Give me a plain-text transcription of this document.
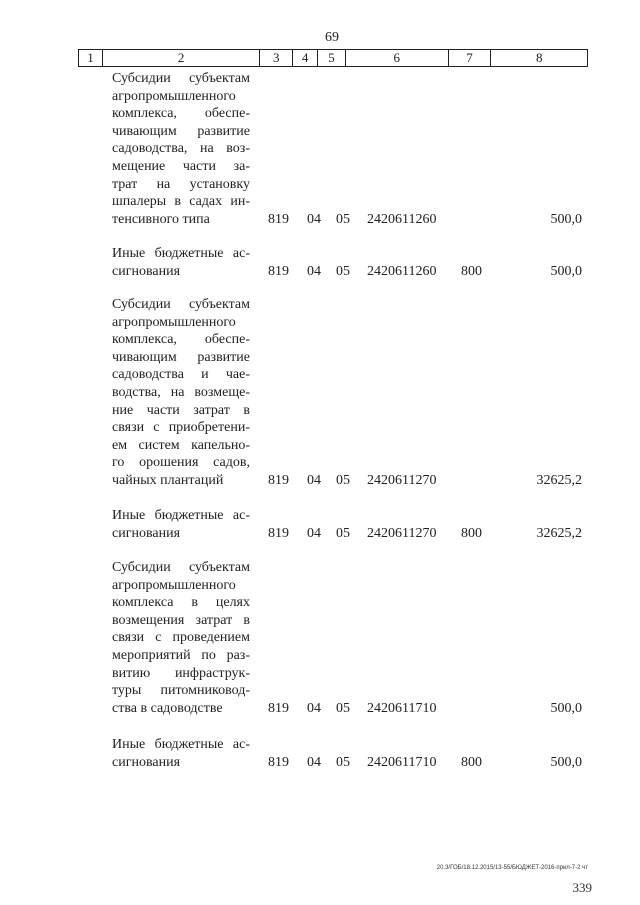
69
1	2	3	4	5	6	7	8
Субсидии субъектам
агропромышленного
комплекса, обеспе-
чивающим развитие
садоводства, на воз-
мещение части за-
трат на установку
шпалеры в садах ин-
тенсивного типа	819 04 05 2420611260	500,0
Иные бюджетные ас-
сигнования	819 04 05 2420611260 800	500,0
Субсидии субъектам
агропромышленного
комплекса, обеспе-
чивающим развитие
садоводства и чае-
водства, на возмеще-
ние части затрат в
связи с приобретени-
ем систем капельно-
го орошения садов,
чайных плантаций	819 04 05 2420611270	32625,2
Иные бюджетные ас-
сигнования	819 04 05 2420611270 800	32625,2
Субсидии субъектам
агропромышленного
комплекса в целях
возмещения затрат в
связи с проведением
мероприятий по раз-
витию инфраструк-
туры питомниковод-
ства в садоводстве	819 04 05 2420611710	500,0
Иные бюджетные ас-
сигнования	819 04 05 2420611710 800	500,0
20.3/ГОБ/18.12.2015/13-55/БЮДЖЕТ-2016-прил-7-2 чт
339
